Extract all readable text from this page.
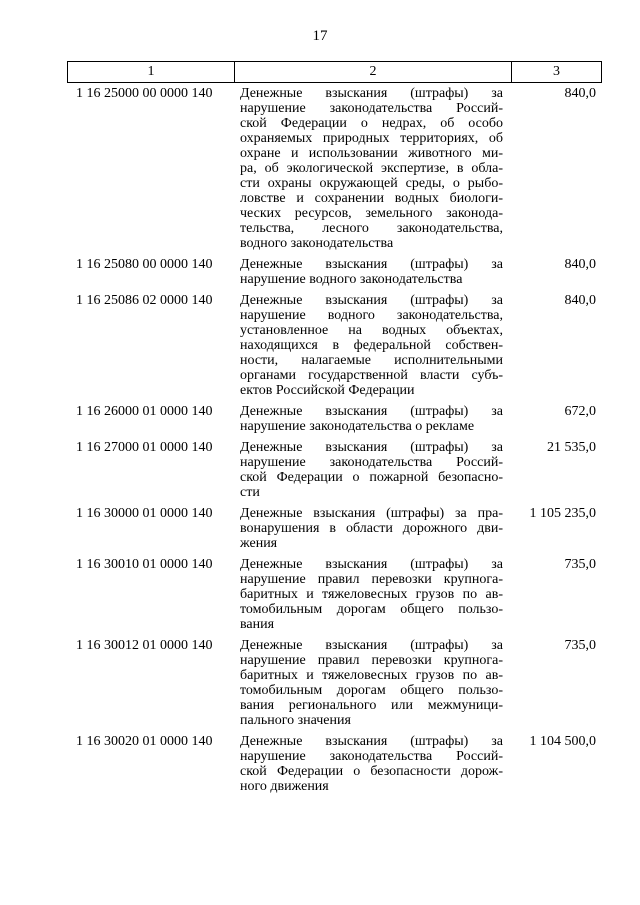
17
1	2	3
1 16 25000 00 0000 140	Денежные взыскания (штрафы) за
нарушение законодательства Россий-
ской Федерации о недрах, об особо
охраняемых природных территориях, об
охране и использовании животного ми-
ра, об экологической экспертизе, в обла-
сти охраны окружающей среды, о рыбо-
ловстве и сохранении водных биологи-
ческих ресурсов, земельного законода-
тельства, лесного законодательства,
водного законодательства
840,0
1 16 25080 00 0000 140	Денежные взыскания (штрафы) за
нарушение водного законодательства
840,0
1 16 25086 02 0000 140	Денежные взыскания (штрафы) за
нарушение водного законодательства,
установленное на водных объектах,
находящихся в федеральной собствен-
ности, налагаемые исполнительными
органами государственной власти субъ-
ектов Российской Федерации
840,0
1 16 26000 01 0000 140	Денежные взыскания (штрафы) за
нарушение законодательства о рекламе
672,0
1 16 27000 01 0000 140	Денежные взыскания (штрафы) за
нарушение законодательства Россий-
ской Федерации о пожарной безопасно-
сти
21 535,0
1 16 30000 01 0000 140	Денежные взыскания (штрафы) за пра-
вонарушения в области дорожного дви-
жения
1 105 235,0
1 16 30010 01 0000 140	Денежные взыскания (штрафы) за
нарушение правил перевозки крупнога-
баритных и тяжеловесных грузов по ав-
томобильным дорогам общего пользо-
вания
735,0
1 16 30012 01 0000 140	Денежные взыскания (штрафы) за
нарушение правил перевозки крупнога-
баритных и тяжеловесных грузов по ав-
томобильным дорогам общего пользо-
вания регионального или межмуници-
пального значения
735,0
1 16 30020 01 0000 140	Денежные взыскания (штрафы) за
нарушение законодательства Россий-
ской Федерации о безопасности дорож-
ного движения
1 104 500,0
